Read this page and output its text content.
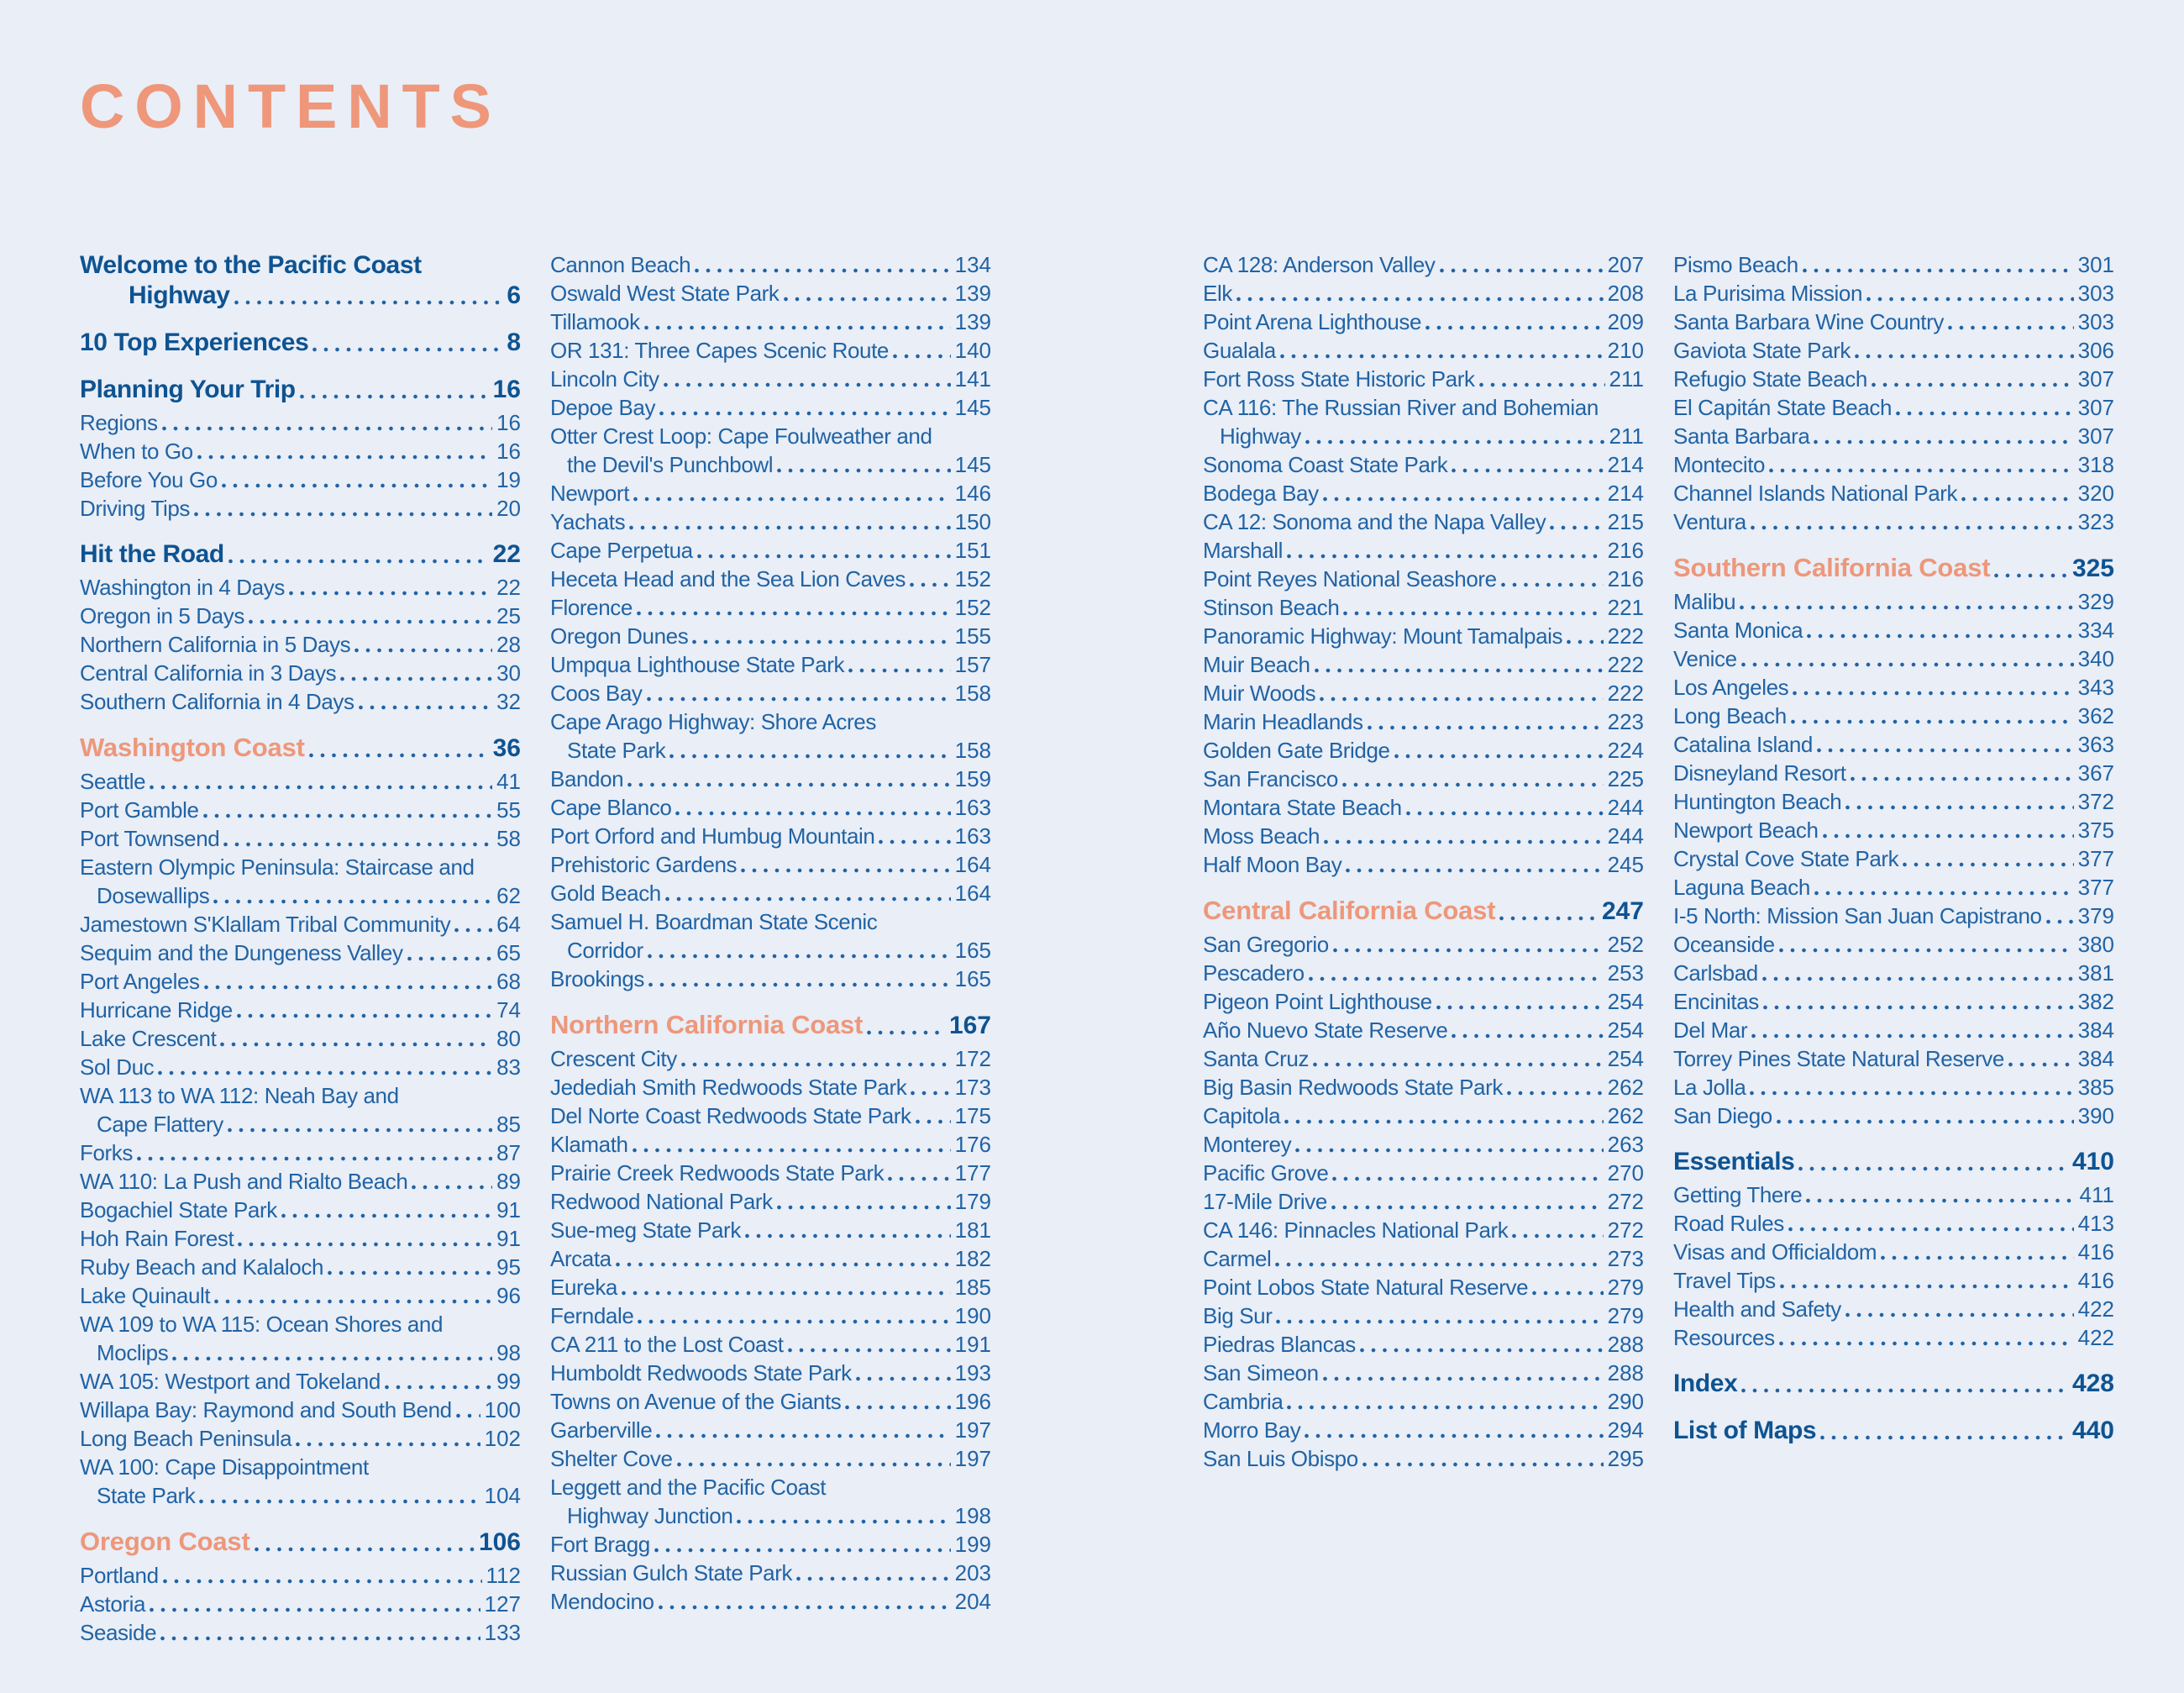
CONTENTS
Welcome to the Pacific Coast
Highway	6
10 Top Experiences	8
Planning Your Trip	16
Regions	16
When to Go	16
Before You Go	19
Driving Tips	20
Hit the Road	22
Washington in 4 Days	22
Oregon in 5 Days	25
Northern California in 5 Days	28
Central California in 3 Days	30
Southern California in 4 Days	32
Washington Coast	36
Seattle	41
Port Gamble	55
Port Townsend	58
Eastern Olympic Peninsula: Staircase and
Dosewallips	62
Jamestown S'Klallam Tribal Community 64
Sequim and the Dungeness Valley	65
Port Angeles	68
Hurricane Ridge	74
Lake Crescent	80
Sol Duc	83
WA 113 to WA 112: Neah Bay and
Cape Flattery	85
Forks	87
WA 110: La Push and Rialto Beach	89
Bogachiel State Park	91
Hoh Rain Forest	91
Ruby Beach and Kalaloch	95
Lake Quinault	96
WA 109 to WA 115: Ocean Shores and
Moclips	98
WA 105: Westport and Tokeland	99
Willapa Bay: Raymond and South Bend 100
Long Beach Peninsula	102
WA 100: Cape Disappointment
State Park	104
Oregon Coast	106
Portland	112
Astoria	127
Seaside	133
Cannon Beach	134
Oswald West State Park	139
Tillamook	139
OR 131: Three Capes Scenic Route	140
Lincoln City	141
Depoe Bay	145
Otter Crest Loop: Cape Foulweather and
the Devil's Punchbowl	145
Newport	146
Yachats	150
Cape Perpetua	151
Heceta Head and the Sea Lion Caves 152
Florence	152
Oregon Dunes	155
Umpqua Lighthouse State Park	157
Coos Bay	158
Cape Arago Highway: Shore Acres
State Park	158
Bandon	159
Cape Blanco	163
Port Orford and Humbug Mountain	163
Prehistoric Gardens	164
Gold Beach	164
Samuel H. Boardman State Scenic
Corridor	165
Brookings	165
Northern California Coast	167
Crescent City	172
Jedediah Smith Redwoods State Park 173
Del Norte Coast Redwoods State Park 175
Klamath	176
Prairie Creek Redwoods State Park	177
Redwood National Park	179
Sue-meg State Park	181
Arcata	182
Eureka	185
Ferndale	190
CA 211 to the Lost Coast	191
Humboldt Redwoods State Park	193
Towns on Avenue of the Giants	196
Garberville	197
Shelter Cove	197
Leggett and the Pacific Coast
Highway Junction	198
Fort Bragg	199
Russian Gulch State Park	203
Mendocino	204
CA 128: Anderson Valley	207
Elk	208
Point Arena Lighthouse	209
Gualala	210
Fort Ross State Historic Park	211
CA 116: The Russian River and Bohemian
Highway	211
Sonoma Coast State Park	214
Bodega Bay	214
CA 12: Sonoma and the Napa Valley	215
Marshall	216
Point Reyes National Seashore	216
Stinson Beach	221
Panoramic Highway: Mount Tamalpais 222
Muir Beach	222
Muir Woods	222
Marin Headlands	223
Golden Gate Bridge	224
San Francisco	225
Montara State Beach	244
Moss Beach	244
Half Moon Bay	245
Central California Coast	247
San Gregorio	252
Pescadero	253
Pigeon Point Lighthouse	254
Año Nuevo State Reserve	254
Santa Cruz	254
Big Basin Redwoods State Park	262
Capitola	262
Monterey	263
Pacific Grove	270
17-Mile Drive	272
CA 146: Pinnacles National Park	272
Carmel	273
Point Lobos State Natural Reserve	279
Big Sur	279
Piedras Blancas	288
San Simeon	288
Cambria	290
Morro Bay	294
San Luis Obispo	295
Pismo Beach	301
La Purisima Mission	303
Santa Barbara Wine Country	303
Gaviota State Park	306
Refugio State Beach	307
El Capitán State Beach	307
Santa Barbara	307
Montecito	318
Channel Islands National Park	320
Ventura	323
Southern California Coast	325
Malibu	329
Santa Monica	334
Venice	340
Los Angeles	343
Long Beach	362
Catalina Island	363
Disneyland Resort	367
Huntington Beach	372
Newport Beach	375
Crystal Cove State Park	377
Laguna Beach	377
I-5 North: Mission San Juan Capistrano 379
Oceanside	380
Carlsbad	381
Encinitas	382
Del Mar	384
Torrey Pines State Natural Reserve	384
La Jolla	385
San Diego	390
Essentials	410
Getting There	411
Road Rules	413
Visas and Officialdom	416
Travel Tips	416
Health and Safety	422
Resources	422
Index	428
List of Maps	440
